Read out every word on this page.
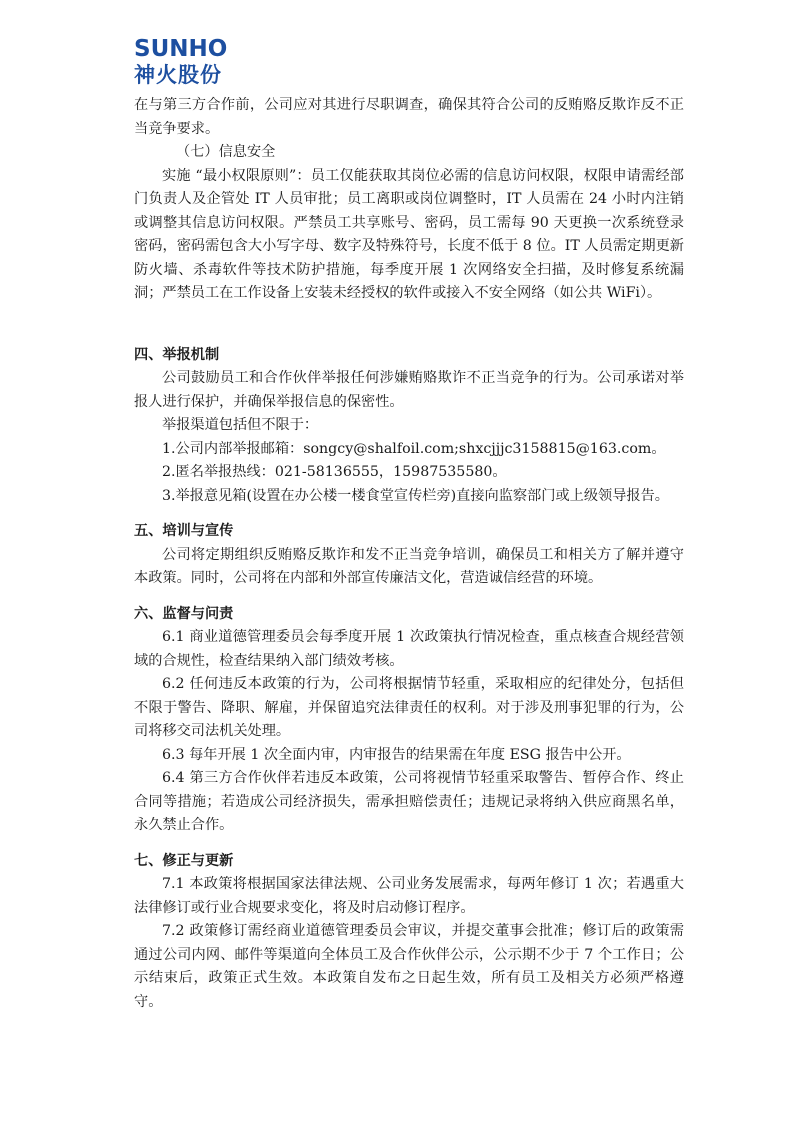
SUNHO
神火股份

在与第三方合作前，公司应对其进行尽职调查，确保其符合公司的反贿赂反欺诈反不正当竞争要求。

（七）信息安全

实施 “最小权限原则”：员工仅能获取其岗位必需的信息访问权限，权限申请需经部门负责人及企管处 IT 人员审批；员工离职或岗位调整时，IT 人员需在 24 小时内注销或调整其信息访问权限。严禁员工共享账号、密码，员工需每 90 天更换一次系统登录密码，密码需包含大小写字母、数字及特殊符号，长度不低于 8 位。IT 人员需定期更新防火墙、杀毒软件等技术防护措施，每季度开展 1 次网络安全扫描，及时修复系统漏洞；严禁员工在工作设备上安装未经授权的软件或接入不安全网络（如公共 WiFi）。

四、举报机制

公司鼓励员工和合作伙伴举报任何涉嫌贿赂欺诈不正当竞争的行为。公司承诺对举报人进行保护，并确保举报信息的保密性。

举报渠道包括但不限于：

1.公司内部举报邮箱：songcy@shalfoil.com;shxcjjjc3158815@163.com。

2.匿名举报热线：021-58136555，15987535580。

3.举报意见箱(设置在办公楼一楼食堂宣传栏旁)直接向监察部门或上级领导报告。

五、培训与宣传

公司将定期组织反贿赂反欺诈和发不正当竞争培训，确保员工和相关方了解并遵守本政策。同时，公司将在内部和外部宣传廉洁文化，营造诚信经营的环境。

六、监督与问责

6.1 商业道德管理委员会每季度开展 1 次政策执行情况检查，重点核查合规经营领域的合规性，检查结果纳入部门绩效考核。

6.2 任何违反本政策的行为，公司将根据情节轻重，采取相应的纪律处分，包括但不限于警告、降职、解雇，并保留追究法律责任的权利。对于涉及刑事犯罪的行为，公司将移交司法机关处理。

6.3 每年开展 1 次全面内审，内审报告的结果需在年度 ESG 报告中公开。

6.4 第三方合作伙伴若违反本政策，公司将视情节轻重采取警告、暂停合作、终止合同等措施；若造成公司经济损失，需承担赔偿责任；违规记录将纳入供应商黑名单，永久禁止合作。

七、修正与更新

7.1 本政策将根据国家法律法规、公司业务发展需求，每两年修订 1 次；若遇重大法律修订或行业合规要求变化，将及时启动修订程序。

7.2 政策修订需经商业道德管理委员会审议，并提交董事会批准；修订后的政策需通过公司内网、邮件等渠道向全体员工及合作伙伴公示，公示期不少于 7 个工作日；公示结束后，政策正式生效。本政策自发布之日起生效，所有员工及相关方必须严格遵守。
